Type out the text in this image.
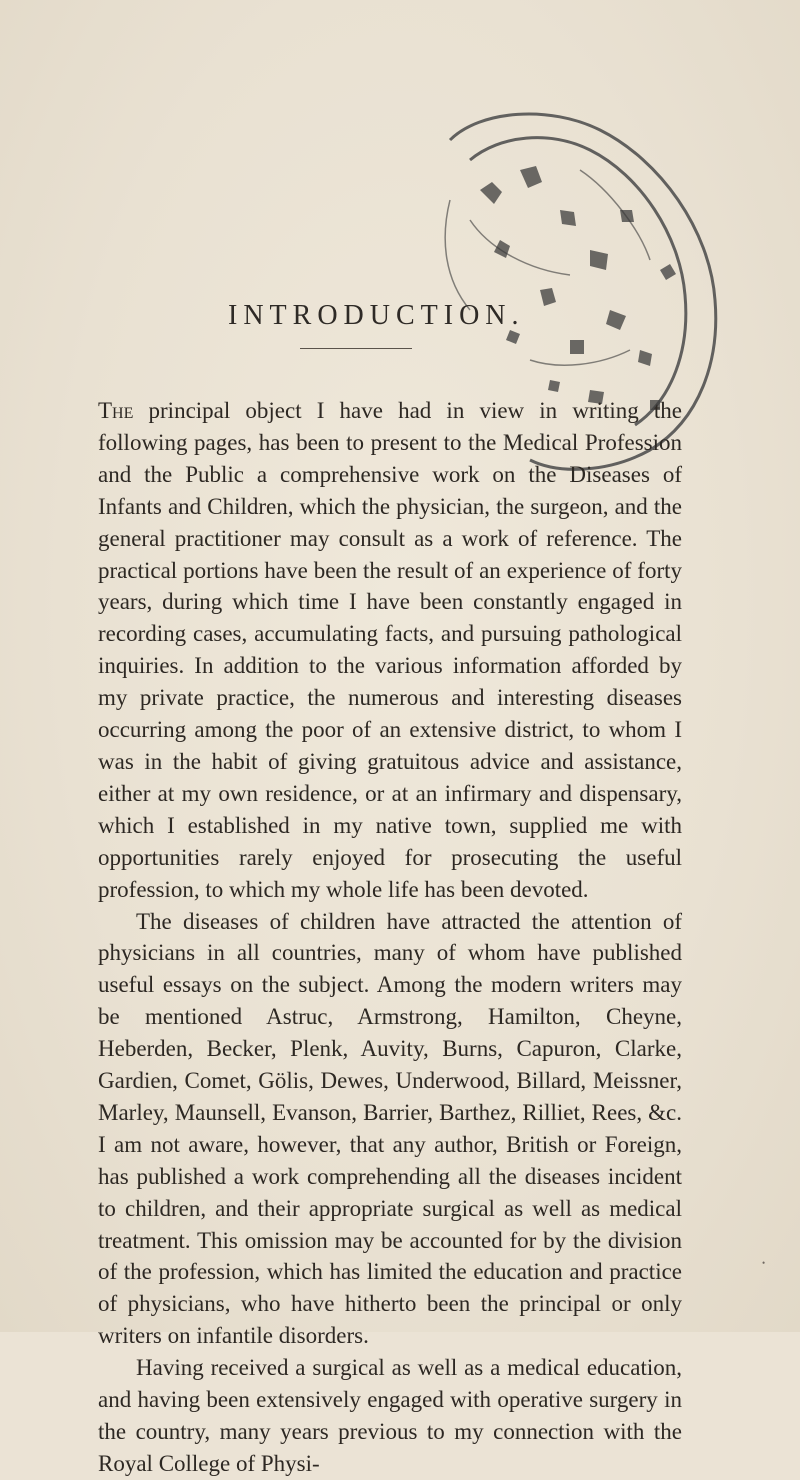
INTRODUCTION.

The principal object I have had in view in writing the following pages, has been to present to the Medical Profession and the Public a comprehensive work on the Diseases of Infants and Children, which the physician, the surgeon, and the general practitioner may consult as a work of reference. The practical portions have been the result of an experience of forty years, during which time I have been constantly engaged in recording cases, accumulating facts, and pursuing pathological inquiries. In addition to the various information afforded by my private practice, the numerous and interesting diseases occurring among the poor of an extensive district, to whom I was in the habit of giving gratuitous advice and assistance, either at my own residence, or at an infirmary and dispensary, which I established in my native town, supplied me with opportunities rarely enjoyed for prosecuting the useful profession, to which my whole life has been devoted.

The diseases of children have attracted the attention of physicians in all countries, many of whom have published useful essays on the subject. Among the modern writers may be mentioned Astruc, Armstrong, Hamilton, Cheyne, Heberden, Becker, Plenk, Auvity, Burns, Capuron, Clarke, Gardien, Comet, Gölis, Dewes, Underwood, Billard, Meissner, Marley, Maunsell, Evanson, Barrier, Barthez, Rilliet, Rees, &c. I am not aware, however, that any author, British or Foreign, has published a work comprehending all the diseases incident to children, and their appropriate surgical as well as medical treatment. This omission may be accounted for by the division of the profession, which has limited the education and practice of physicians, who have hitherto been the principal or only writers on infantile disorders.

Having received a surgical as well as a medical education, and having been extensively engaged with operative surgery in the country, many years previous to my connection with the Royal College of Physi-

•
